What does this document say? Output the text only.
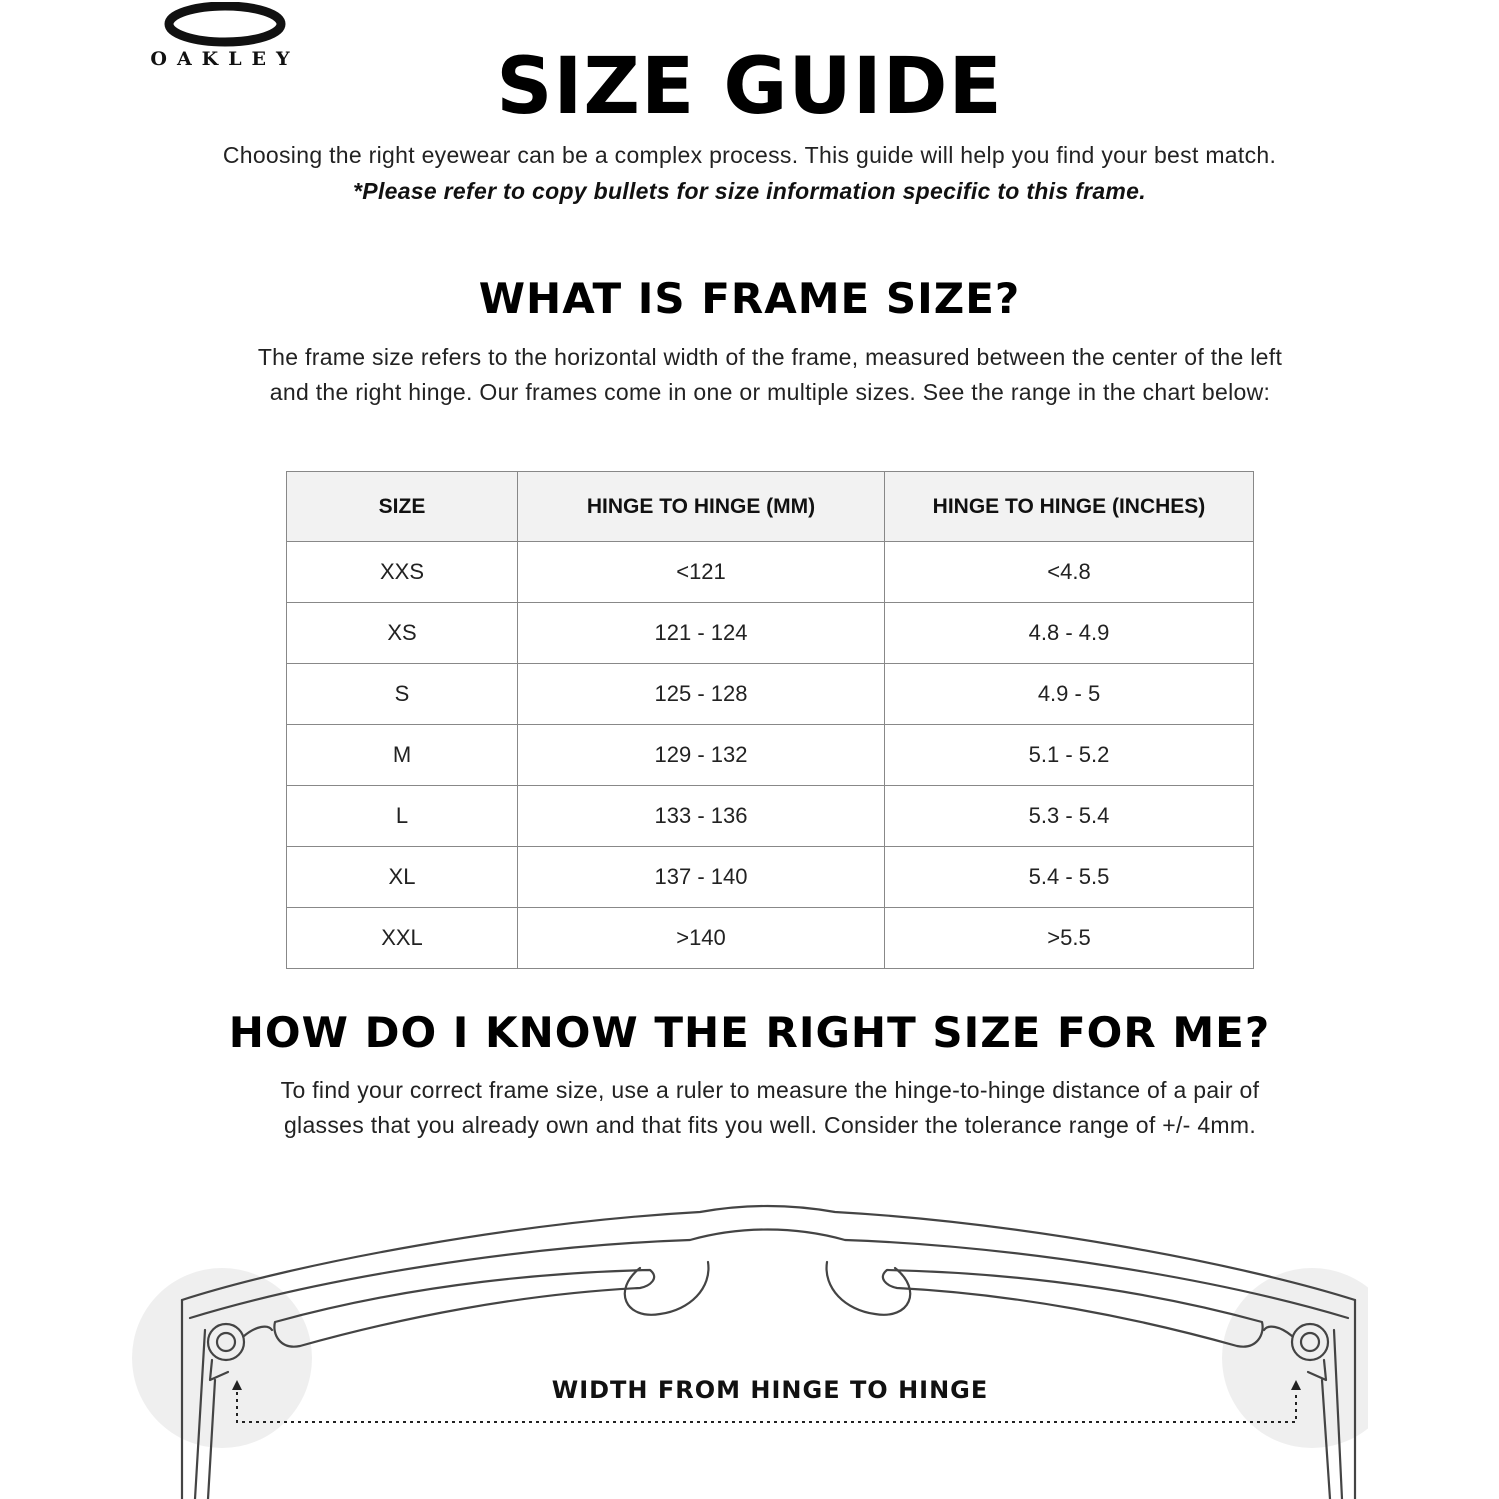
OAKLEY	SIZE GUIDE
Choosing the right eyewear can be a complex process. This guide will help you find your best match.
*Please refer to copy bullets for size information specific to this frame.
WHAT IS FRAME SIZE?
The frame size refers to the horizontal width of the frame, measured between the center of the left
and the right hinge. Our frames come in one or multiple sizes. See the range in the chart below:
SIZE	HINGE TO HINGE (MM)	HINGE TO HINGE (INCHES)
XXS	<121	<4.8
XS	121 - 124	4.8 - 4.9
S	125 - 128	4.9 - 5
M	129 - 132	5.1 - 5.2
L	133 - 136	5.3 - 5.4
XL	137 - 140	5.4 - 5.5
XXL	>140	>5.5
HOW DO I KNOW THE RIGHT SIZE FOR ME?
To find your correct frame size, use a ruler to measure the hinge-to-hinge distance of a pair of
glasses that you already own and that fits you well. Consider the tolerance range of +/- 4mm.
WIDTH FROM HINGE TO HINGE
